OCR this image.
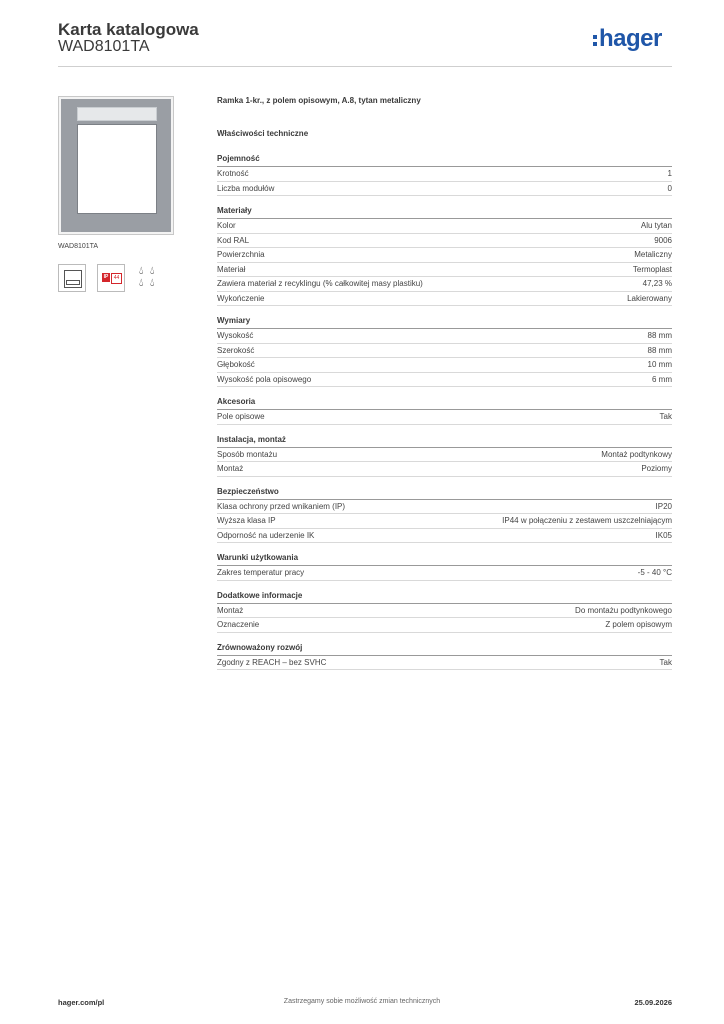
Karta katalogowa
WAD8101TA	hager
WAD8101TA
IP	44
💧︎ 💧︎
💧︎ 💧︎
Ramka 1-kr., z polem opisowym, A.8, tytan metaliczny
Właściwości techniczne
Pojemność
Krotność	1
Liczba modułów	0
Materiały
Kolor	Alu tytan
Kod RAL	9006
Powierzchnia	Metaliczny
Materiał	Termoplast
Zawiera materiał z recyklingu (% całkowitej masy plastiku)	47,23 %
Wykończenie	Lakierowany
Wymiary
Wysokość	88 mm
Szerokość	88 mm
Głębokość	10 mm
Wysokość pola opisowego	6 mm
Akcesoria
Pole opisowe	Tak
Instalacja, montaż
Sposób montażu	Montaż podtynkowy
Montaż	Poziomy
Bezpieczeństwo
Klasa ochrony przed wnikaniem (IP)	IP20
Wyższa klasa IP	IP44 w połączeniu z zestawem uszczelniającym
Odporność na uderzenie IK	IK05
Warunki użytkowania
Zakres temperatur pracy	-5 - 40 °C
Dodatkowe informacje
Montaż	Do montażu podtynkowego
Oznaczenie	Z polem opisowym
Zrównoważony rozwój
Zgodny z REACH – bez SVHC	Tak
hager.com/pl	Zastrzegamy sobie możliwość zmian technicznych	25.09.2026
